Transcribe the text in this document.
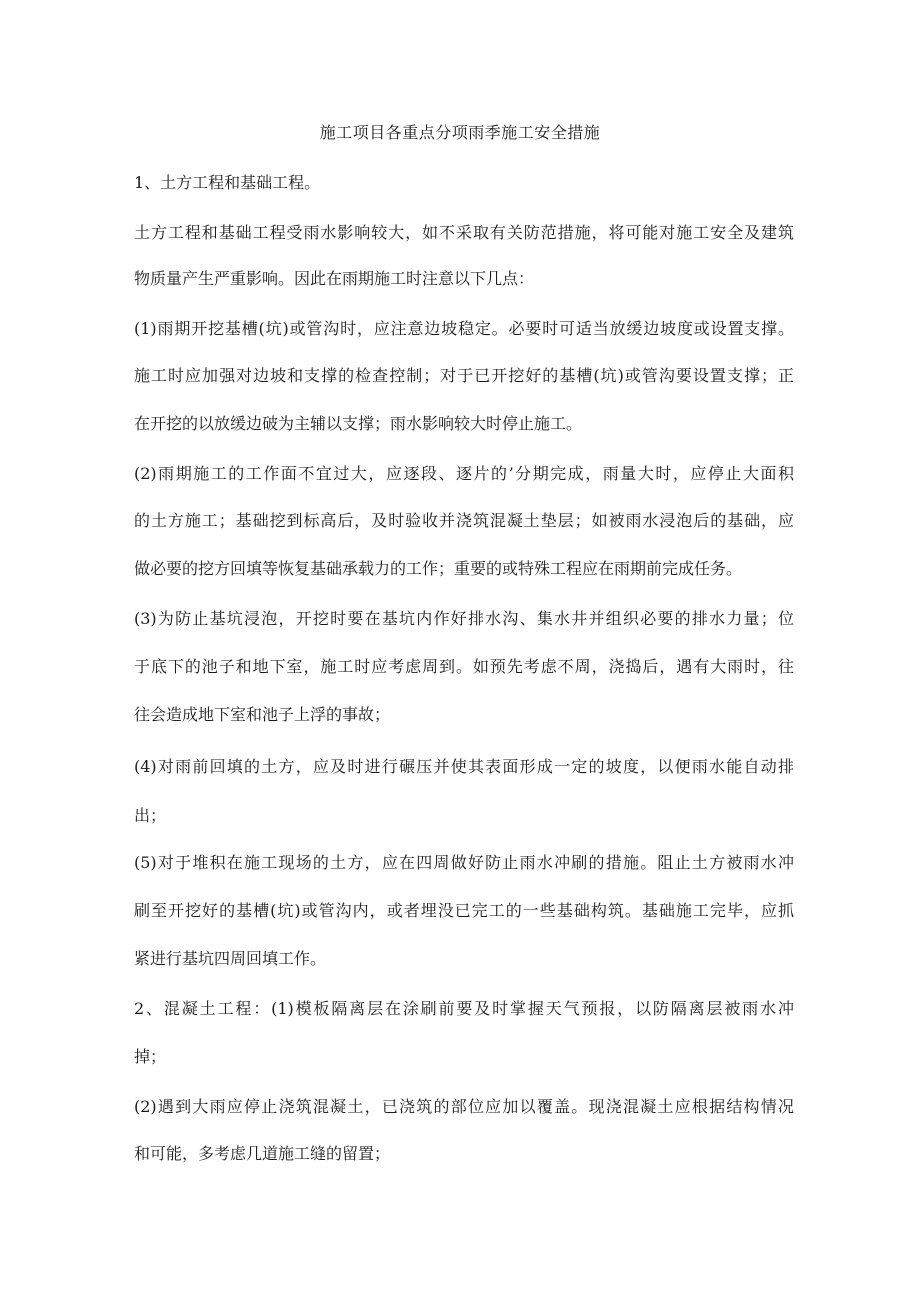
施工项目各重点分项雨季施工安全措施
1、土方工程和基础工程。
土方工程和基础工程受雨水影响较大，如不采取有关防范措施，将可能对施工安全及建筑
物质量产生严重影响。因此在雨期施工时注意以下几点：
(1)雨期开挖基槽(坑)或管沟时，应注意边坡稳定。必要时可适当放缓边坡度或设置支撑。
施工时应加强对边坡和支撑的检查控制；对于已开挖好的基槽(坑)或管沟要设置支撑；正
在开挖的以放缓边破为主辅以支撑；雨水影响较大时停止施工。
(2)雨期施工的工作面不宜过大，应逐段、逐片的’分期完成，雨量大时，应停止大面积
的土方施工；基础挖到标高后，及时验收并浇筑混凝土垫层；如被雨水浸泡后的基础，应
做必要的挖方回填等恢复基础承载力的工作；重要的或特殊工程应在雨期前完成任务。
(3)为防止基坑浸泡，开挖时要在基坑内作好排水沟、集水井并组织必要的排水力量；位
于底下的池子和地下室，施工时应考虑周到。如预先考虑不周，浇捣后，遇有大雨时，往
往会造成地下室和池子上浮的事故；
(4)对雨前回填的土方，应及时进行碾压并使其表面形成一定的坡度，以便雨水能自动排
出；
(5)对于堆积在施工现场的土方，应在四周做好防止雨水冲刷的措施。阻止土方被雨水冲
刷至开挖好的基槽(坑)或管沟内，或者埋没已完工的一些基础构筑。基础施工完毕，应抓
紧进行基坑四周回填工作。
2、混凝土工程：(1)模板隔离层在涂刷前要及时掌握天气预报，以防隔离层被雨水冲
掉；
(2)遇到大雨应停止浇筑混凝土，已浇筑的部位应加以覆盖。现浇混凝土应根据结构情况
和可能，多考虑几道施工缝的留置；
